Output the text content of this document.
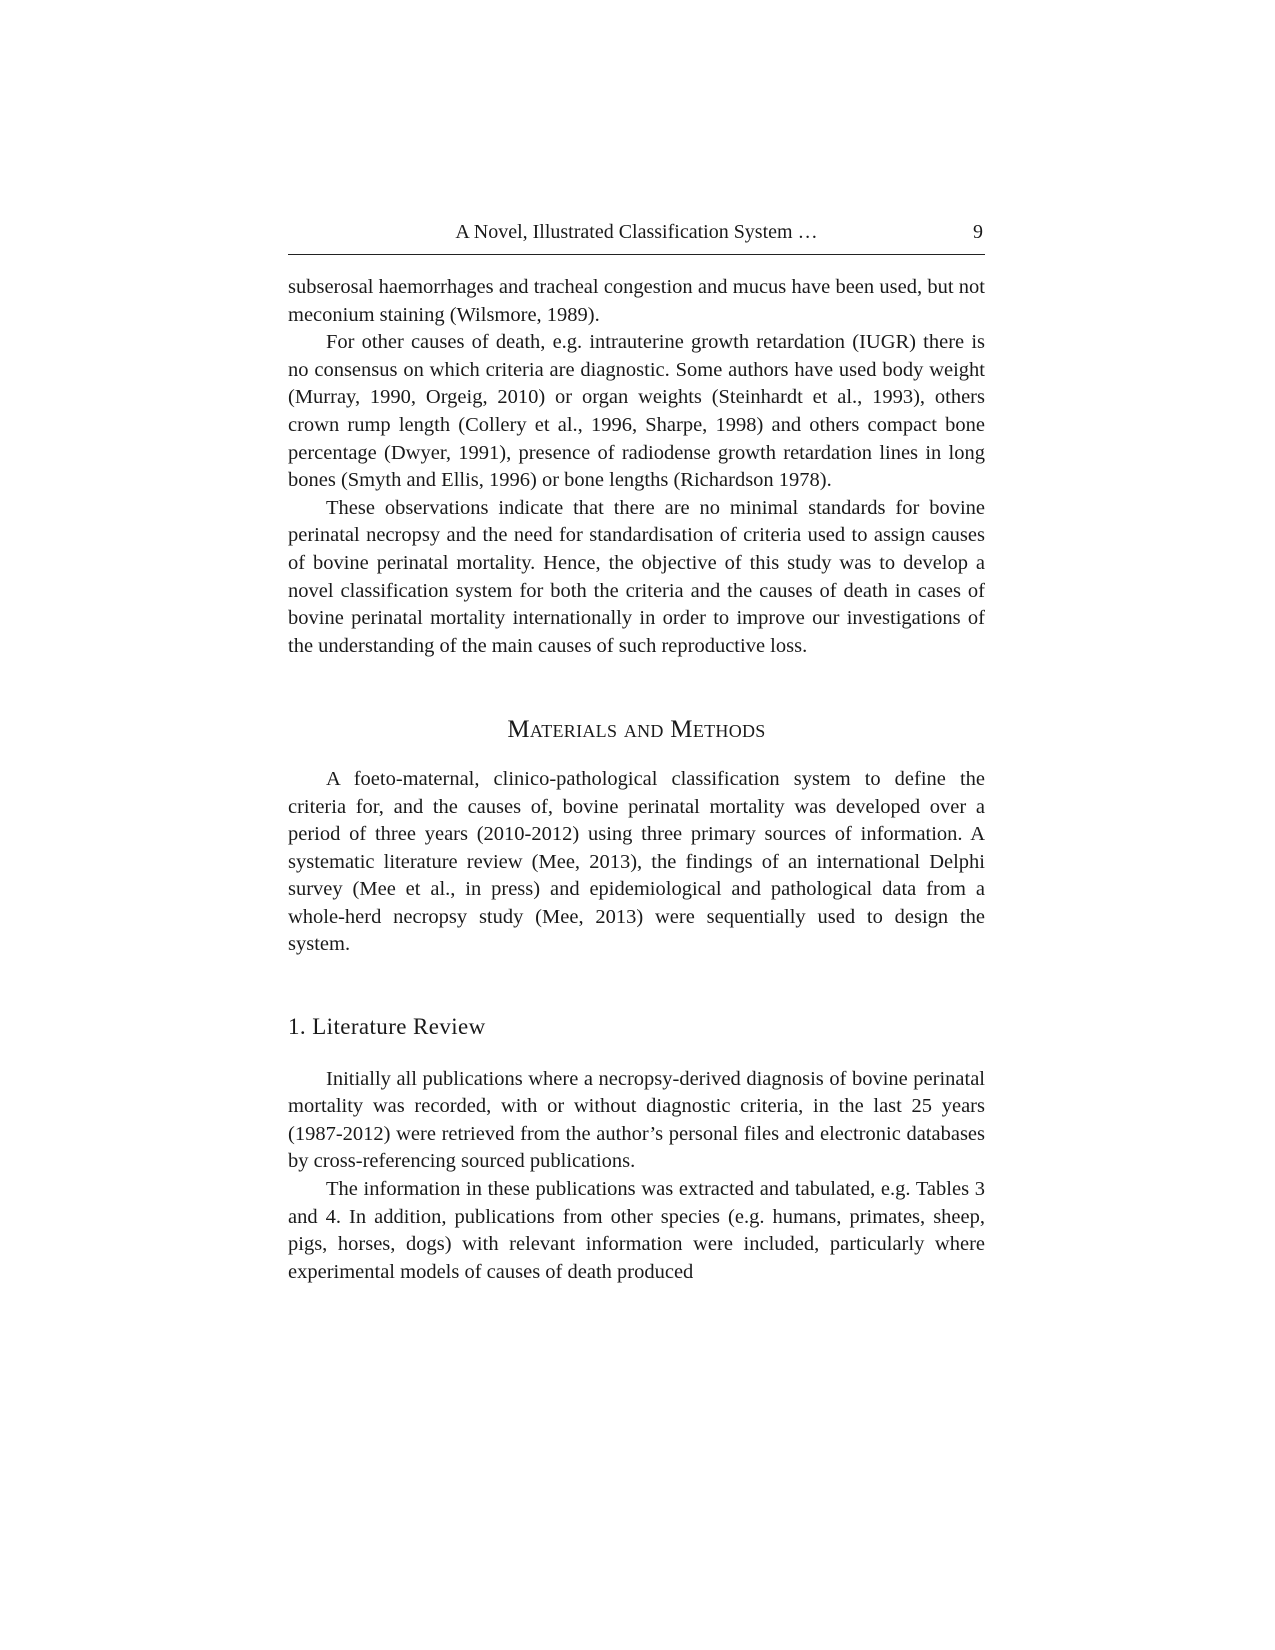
A Novel, Illustrated Classification System …	9

subserosal haemorrhages and tracheal congestion and mucus have been used, but not meconium staining (Wilsmore, 1989).

For other causes of death, e.g. intrauterine growth retardation (IUGR) there is no consensus on which criteria are diagnostic. Some authors have used body weight (Murray, 1990, Orgeig, 2010) or organ weights (Steinhardt et al., 1993), others crown rump length (Collery et al., 1996, Sharpe, 1998) and others compact bone percentage (Dwyer, 1991), presence of radiodense growth retardation lines in long bones (Smyth and Ellis, 1996) or bone lengths (Richardson 1978).

These observations indicate that there are no minimal standards for bovine perinatal necropsy and the need for standardisation of criteria used to assign causes of bovine perinatal mortality. Hence, the objective of this study was to develop a novel classification system for both the criteria and the causes of death in cases of bovine perinatal mortality internationally in order to improve our investigations of the understanding of the main causes of such reproductive loss.

Materials and Methods

A foeto-maternal, clinico-pathological classification system to define the criteria for, and the causes of, bovine perinatal mortality was developed over a period of three years (2010-2012) using three primary sources of information. A systematic literature review (Mee, 2013), the findings of an international Delphi survey (Mee et al., in press) and epidemiological and pathological data from a whole-herd necropsy study (Mee, 2013) were sequentially used to design the system.

1. Literature Review

Initially all publications where a necropsy-derived diagnosis of bovine perinatal mortality was recorded, with or without diagnostic criteria, in the last 25 years (1987-2012) were retrieved from the author’s personal files and electronic databases by cross-referencing sourced publications.

The information in these publications was extracted and tabulated, e.g. Tables 3 and 4. In addition, publications from other species (e.g. humans, primates, sheep, pigs, horses, dogs) with relevant information were included, particularly where experimental models of causes of death produced
